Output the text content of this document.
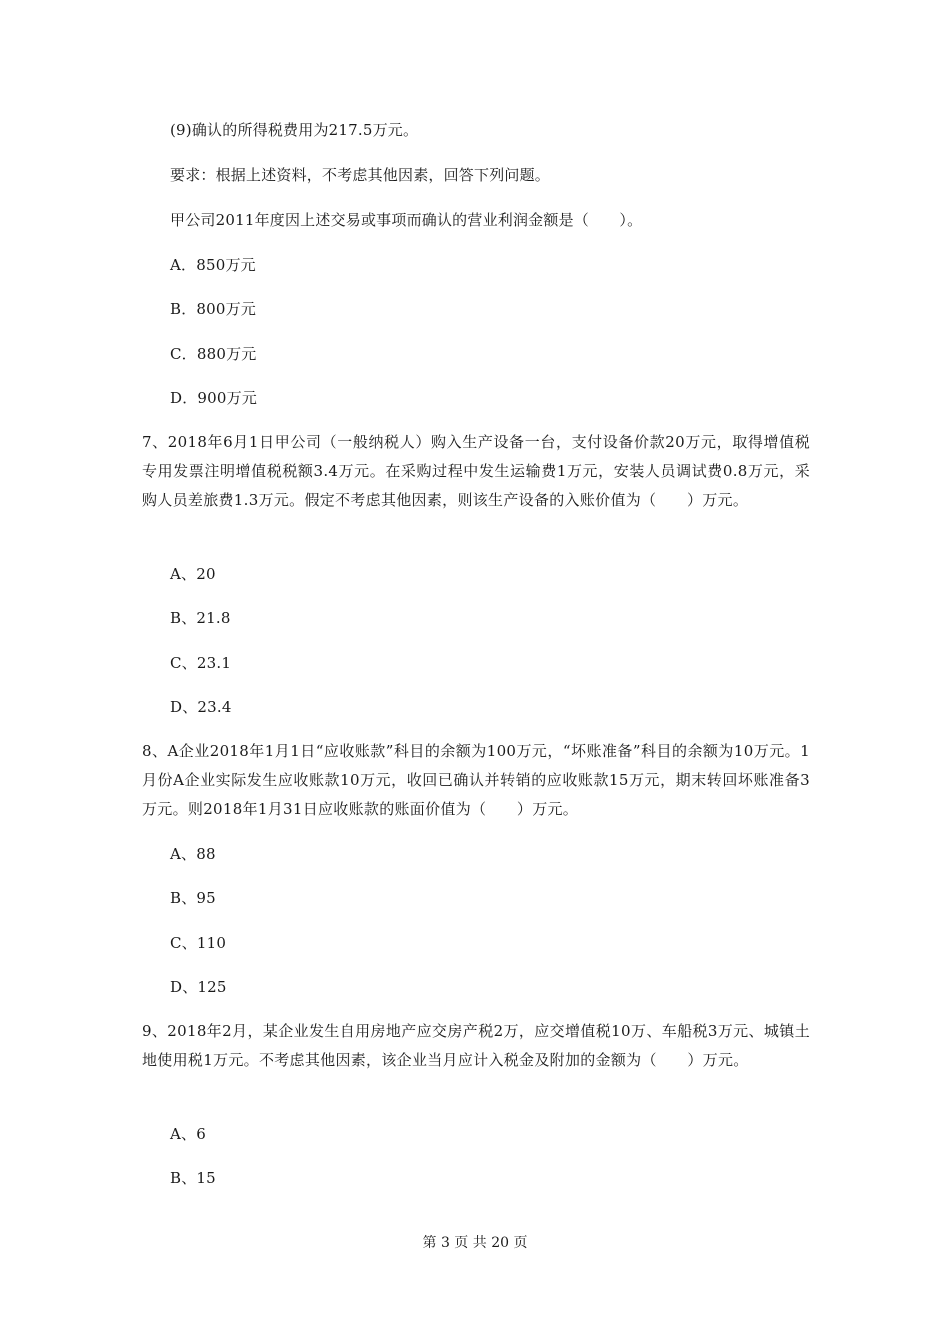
(9)确认的所得税费用为217.5万元。
要求：根据上述资料，不考虑其他因素，回答下列问题。
甲公司2011年度因上述交易或事项而确认的营业利润金额是（　　）。
A．850万元
B．800万元
C．880万元
D．900万元
7、2018年6月1日甲公司（一般纳税人）购入生产设备一台，支付设备价款20万元，取得增值税专用发票注明增值税税额3.4万元。在采购过程中发生运输费1万元，安装人员调试费0.8万元，采购人员差旅费1.3万元。假定不考虑其他因素，则该生产设备的入账价值为（　　）万元。
A、20
B、21.8
C、23.1
D、23.4
8、A企业2018年1月1日“应收账款”科目的余额为100万元，“坏账准备”科目的余额为10万元。1月份A企业实际发生应收账款10万元，收回已确认并转销的应收账款15万元，期末转回坏账准备3万元。则2018年1月31日应收账款的账面价值为（　　）万元。
A、88
B、95
C、110
D、125
9、2018年2月，某企业发生自用房地产应交房产税2万，应交增值税10万、车船税3万元、城镇土地使用税1万元。不考虑其他因素，该企业当月应计入税金及附加的金额为（　　）万元。
A、6
B、15
第 3 页 共 20 页
